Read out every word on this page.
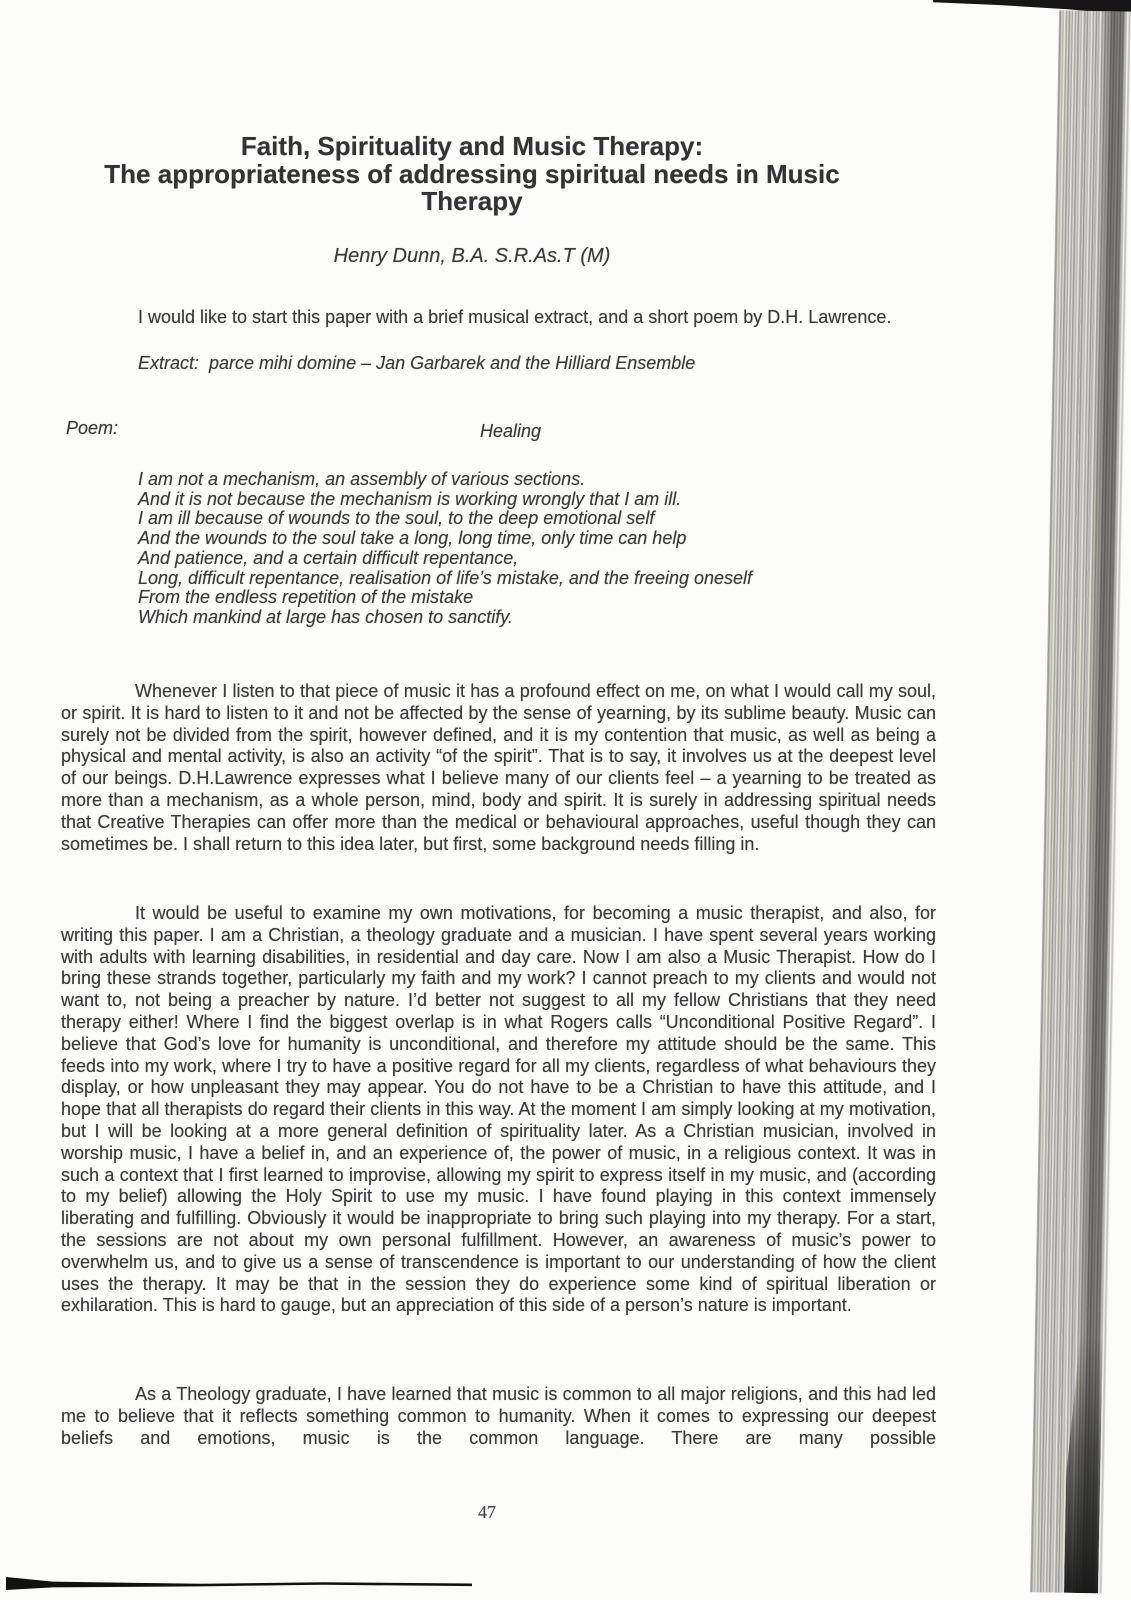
Faith, Spirituality and Music Therapy:
The appropriateness of addressing spiritual needs in Music
Therapy
Henry Dunn, B.A. S.R.As.T (M)
I would like to start this paper with a brief musical extract, and a short poem by D.H. Lawrence.
Extract:  parce mihi domine – Jan Garbarek and the Hilliard Ensemble
Poem:	Healing
I am not a mechanism, an assembly of various sections.
And it is not because the mechanism is working wrongly that I am ill.
I am ill because of wounds to the soul, to the deep emotional self
And the wounds to the soul take a long, long time, only time can help
And patience, and a certain difficult repentance,
Long, difficult repentance, realisation of life’s mistake, and the freeing oneself
From the endless repetition of the mistake
Which mankind at large has chosen to sanctify.

Whenever I listen to that piece of music it has a profound effect on me, on what I would call my soul, or spirit. It is hard to listen to it and not be affected by the sense of yearning, by its sublime beauty. Music can surely not be divided from the spirit, however defined, and it is my contention that music, as well as being a physical and mental activity, is also an activity “of the spirit”. That is to say, it involves us at the deepest level of our beings. D.H.Lawrence expresses what I believe many of our clients feel – a yearning to be treated as more than a mechanism, as a whole person, mind, body and spirit. It is surely in addressing spiritual needs that Creative Therapies can offer more than the medical or behavioural approaches, useful though they can sometimes be. I shall return to this idea later, but first, some background needs filling in.

It would be useful to examine my own motivations, for becoming a music therapist, and also, for writing this paper. I am a Christian, a theology graduate and a musician. I have spent several years working with adults with learning disabilities, in residential and day care. Now I am also a Music Therapist. How do I bring these strands together, particularly my faith and my work? I cannot preach to my clients and would not want to, not being a preacher by nature. I’d better not suggest to all my fellow Christians that they need therapy either! Where I find the biggest overlap is in what Rogers calls “Unconditional Positive Regard”. I believe that God’s love for humanity is unconditional, and therefore my attitude should be the same. This feeds into my work, where I try to have a positive regard for all my clients, regardless of what behaviours they display, or how unpleasant they may appear. You do not have to be a Christian to have this attitude, and I hope that all therapists do regard their clients in this way. At the moment I am simply looking at my motivation, but I will be looking at a more general definition of spirituality later. As a Christian musician, involved in worship music, I have a belief in, and an experience of, the power of music, in a religious context. It was in such a context that I first learned to improvise, allowing my spirit to express itself in my music, and (according to my belief) allowing the Holy Spirit to use my music. I have found playing in this context immensely liberating and fulfilling. Obviously it would be inappropriate to bring such playing into my therapy. For a start, the sessions are not about my own personal fulfillment. However, an awareness of music’s power to overwhelm us, and to give us a sense of transcendence is important to our understanding of how the client uses the therapy. It may be that in the session they do experience some kind of spiritual liberation or exhilaration. This is hard to gauge, but an appreciation of this side of a person’s nature is important.

As a Theology graduate, I have learned that music is common to all major religions, and this had led me to believe that it reflects something common to humanity. When it comes to expressing our deepest beliefs and emotions, music is the common language. There are many possible

47
